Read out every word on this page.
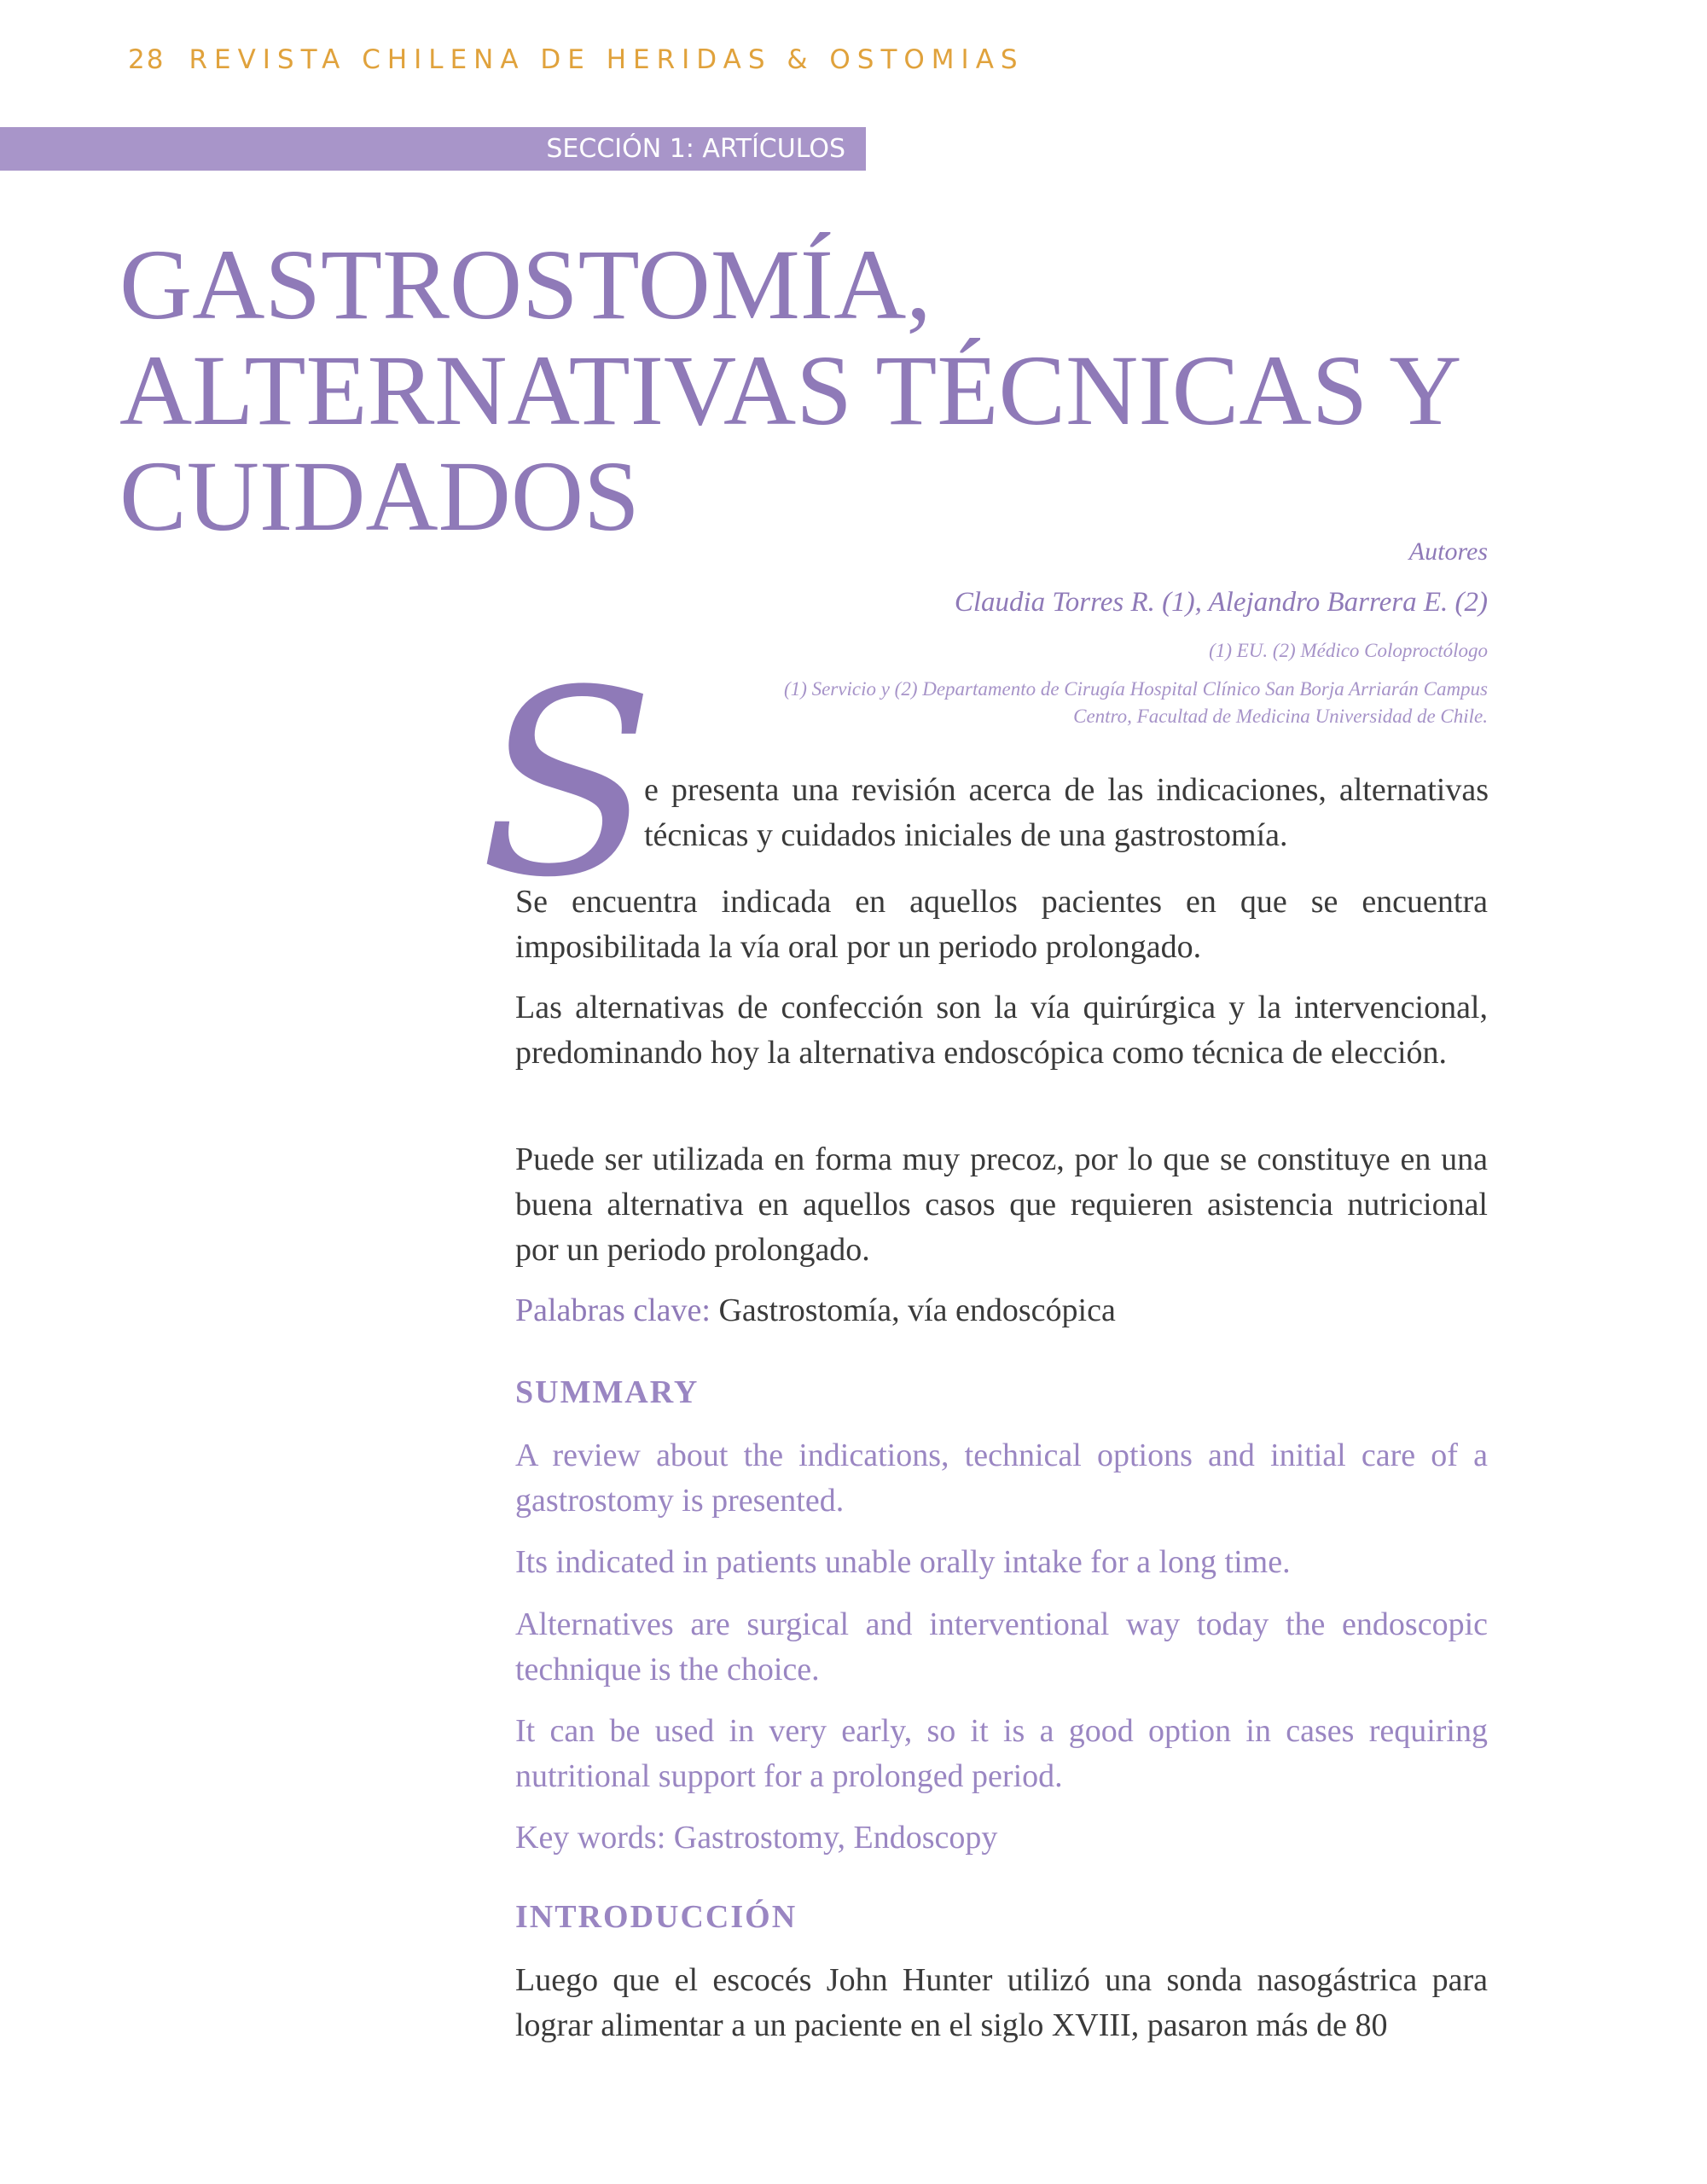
28 REVISTA CHILENA DE HERIDAS & OSTOMIAS
SECCIÓN 1: ARTÍCULOS
GASTROSTOMÍA,
ALTERNATIVAS TÉCNICAS Y
CUIDADOS	Autores
Claudia Torres R. (1), Alejandro Barrera E. (2)
(1) EU. (2) Médico Coloproctólogo
(1) Servicio y (2) Departamento de Cirugía Hospital Clínico San Borja Arriarán Campus
Centro, Facultad de Medicina Universidad de Chile.
S

e presenta una revisión acerca de las indicaciones, alternativas técnicas y cuidados iniciales de una gastrostomía.

Se encuentra indicada en aquellos pacientes en que se encuentra imposibilitada la vía oral por un periodo prolongado.

Las alternativas de confección son la vía quirúrgica y la intervencional, predominando hoy la alternativa endoscópica como técnica de elección.

Puede ser utilizada en forma muy precoz, por lo que se constituye en una buena alternativa en aquellos casos que requieren asistencia nutricional por un periodo prolongado.

Palabras clave: Gastrostomía, vía endoscópica

SUMMARY

A review about the indications, technical options and initial care of a gastrostomy is presented.

Its indicated in patients unable orally intake for a long time.

Alternatives are surgical and interventional way today the endoscopic technique is the choice.

It can be used in very early, so it is a good option in cases requiring nutritional support for a prolonged period.

Key words: Gastrostomy, Endoscopy

INTRODUCCIÓN

Luego que el escocés John Hunter utilizó una sonda nasogástrica para lograr alimentar a un paciente en el siglo XVIII, pasaron más de 80
